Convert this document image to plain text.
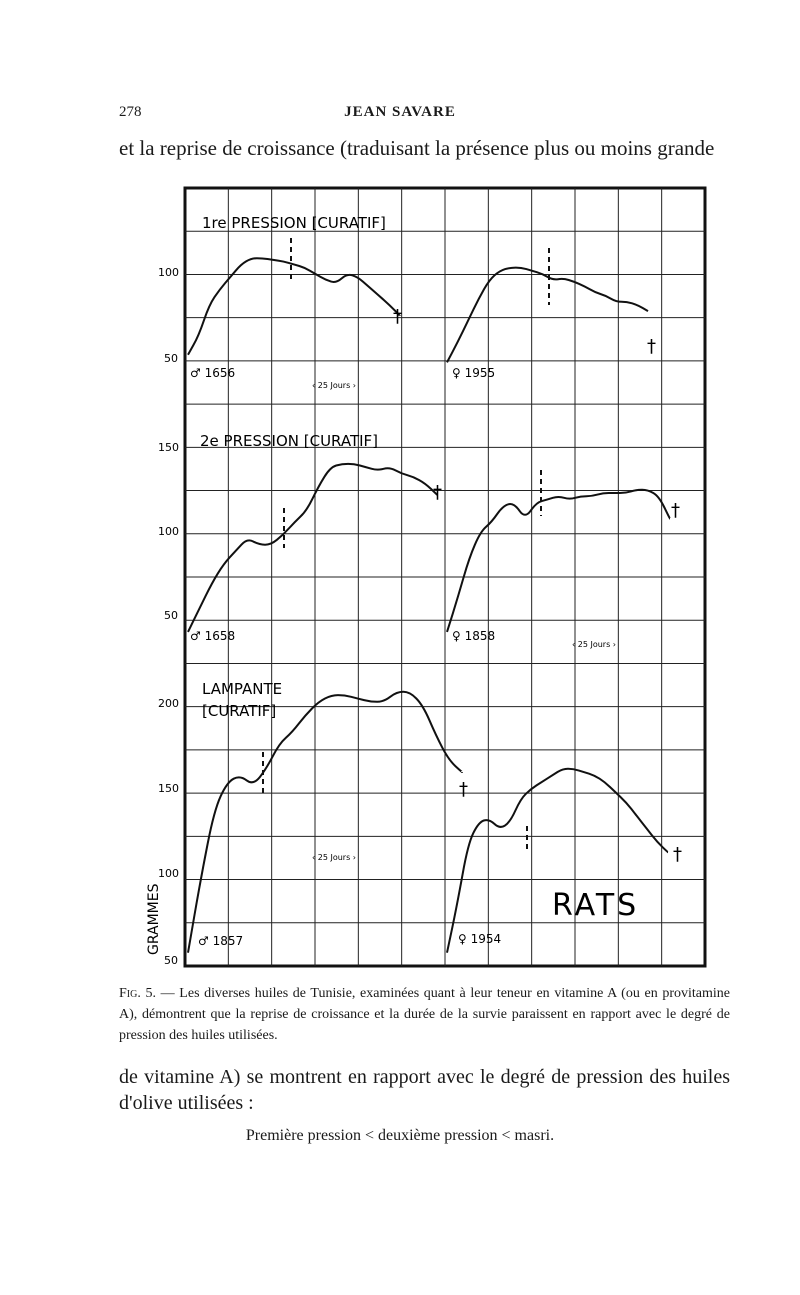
278	JEAN SAVARE
et la reprise de croissance (traduisant la présence plus ou moins grande
1re PRESSION [CURATIF]
2e PRESSION [CURATIF]
LAMPANTE
[CURATIF]
100
50
150
100
50
200
150
100
50
GRAMMES
♂ 1656	♀ 1955
♂ 1658	♀ 1858
♂ 1857	♀ 1954
‹ 25 Jours ›
‹ 25 Jours ›
‹ 25 Jours ›
†
†
†
†
†
†
RATS
Fig. 5. — Les diverses huiles de Tunisie, examinées quant à leur teneur en vitamine A (ou en provitamine A), démontrent que la reprise de croissance et la durée de la survie paraissent en rapport avec le degré de pression des huiles utilisées.
de vitamine A) se montrent en rapport avec le degré de pression des huiles d'olive utilisées :
Première pression < deuxième pression < masri.
